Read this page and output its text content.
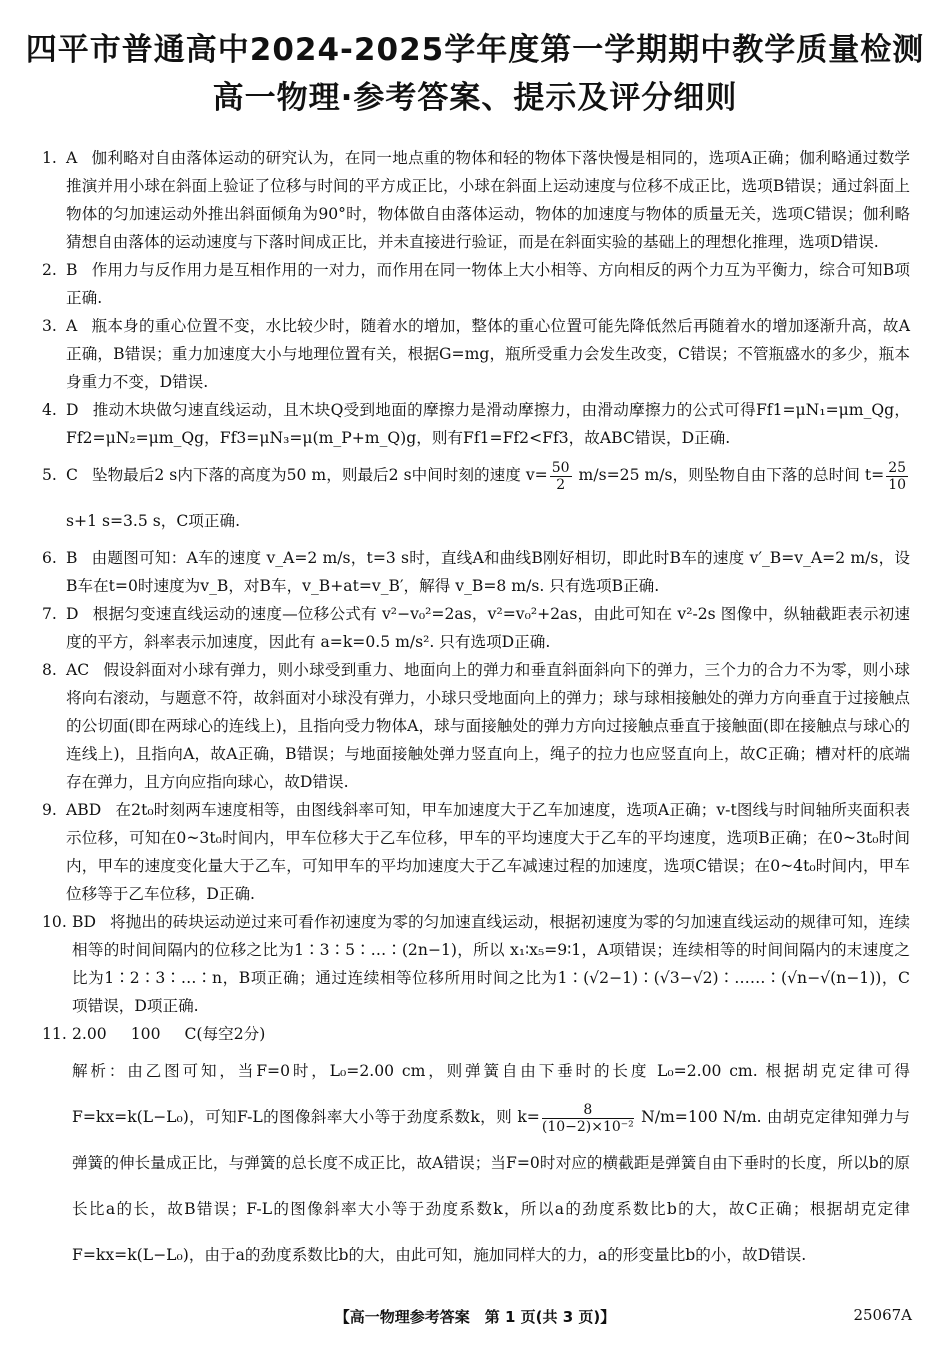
四平市普通高中2024-2025学年度第一学期期中教学质量检测
高一物理·参考答案、提示及评分细则
1. A 伽利略对自由落体运动的研究认为，在同一地点重的物体和轻的物体下落快慢是相同的，选项A正确；伽利略通过数学推演并用小球在斜面上验证了位移与时间的平方成正比，小球在斜面上运动速度与位移不成正比，选项B错误；通过斜面上物体的匀加速运动外推出斜面倾角为90°时，物体做自由落体运动，物体的加速度与物体的质量无关，选项C错误；伽利略猜想自由落体的运动速度与下落时间成正比，并未直接进行验证，而是在斜面实验的基础上的理想化推理，选项D错误.
2. B 作用力与反作用力是互相作用的一对力，而作用在同一物体上大小相等、方向相反的两个力互为平衡力，综合可知B项正确.
3. A 瓶本身的重心位置不变，水比较少时，随着水的增加，整体的重心位置可能先降低然后再随着水的增加逐渐升高，故A正确，B错误；重力加速度大小与地理位置有关，根据G=mg，瓶所受重力会发生改变，C错误；不管瓶盛水的多少，瓶本身重力不变，D错误.
4. D 推动木块做匀速直线运动，且木块Q受到地面的摩擦力是滑动摩擦力，由滑动摩擦力的公式可得Ff1=μN₁=μm_Qg，Ff2=μN₂=μm_Qg，Ff3=μN₃=μ(m_P+m_Q)g，则有Ff1=Ff2<Ff3，故ABC错误，D正确.
5. C 坠物最后2 s内下落的高度为50 m，则最后2 s中间时刻的速度 $v= \frac{50}{2} m/s=25$ m/s，则坠物自由下落的总时间 $t= \frac{25}{10}$
s+1 s=3.5 s，C项正确.
6. B 由题图可知：A车的速度 v_A=2 m/s，t=3 s时，直线A和曲线B刚好相切，即此时B车的速度 v′_B=v_A=2 m/s，设B车在t=0时速度为v_B，对B车，v_B+at=v_B′，解得 v_B=8 m/s. 只有选项B正确.
7. D 根据匀变速直线运动的速度—位移公式有 v²−v₀²=2as，v²=v₀²+2as，由此可知在 v²-2s 图像中，纵轴截距表示初速度的平方，斜率表示加速度，因此有 a=k=0.5 m/s². 只有选项D正确.
8. AC 假设斜面对小球有弹力，则小球受到重力、地面向上的弹力和垂直斜面斜向下的弹力，三个力的合力不为零，则小球将向右滚动，与题意不符，故斜面对小球没有弹力，小球只受地面向上的弹力；球与球相接触处的弹力方向垂直于过接触点的公切面(即在两球心的连线上)，且指向受力物体A，球与面接触处的弹力方向过接触点垂直于接触面(即在接触点与球心的连线上)，且指向A，故A正确，B错误；与地面接触处弹力竖直向上，绳子的拉力也应竖直向上，故C正确；槽对杆的底端存在弹力，且方向应指向球心，故D错误.
9. ABD 在2t₀时刻两车速度相等，由图线斜率可知，甲车加速度大于乙车加速度，选项A正确；v-t图线与时间轴所夹面积表示位移，可知在0~3t₀时间内，甲车位移大于乙车位移，甲车的平均速度大于乙车的平均速度，选项B正确；在0~3t₀时间内，甲车的速度变化量大于乙车，可知甲车的平均加速度大于乙车减速过程的加速度，选项C错误；在0~4t₀时间内，甲车位移等于乙车位移，D正确.
10. BD 将抛出的砖块运动逆过来可看作初速度为零的匀加速直线运动，根据初速度为零的匀加速直线运动的规律可知，连续相等的时间间隔内的位移之比为1∶3∶5∶…∶(2n−1)，所以 x₁∶x₅=9∶1，A项错误；连续相等的时间间隔内的末速度之比为1∶2∶3∶…∶n，B项正确；通过连续相等位移所用时间之比为1∶(√2−1)∶(√3−√2)∶……∶(√n−√(n−1))，C项错误，D项正确.
11. 2.00 100 C(每空2分)
解析：由乙图可知，当F=0时，L₀=2.00 cm，则弹簧自由下垂时的长度 L₀=2.00 cm. 根据胡克定律可得F=kx=k(L−L₀)，可知F-L的图像斜率大小等于劲度系数k，则 $k= \frac{8}{\text{(10−2)×10⁻²}} N/m=100$ N/m. 由胡克定律知弹力与弹簧的伸长量成正比，与弹簧的总长度不成正比，故A错误；当F=0时对应的横截距是弹簧自由下垂时的长度，所以b的原长比a的长，故B错误；F-L的图像斜率大小等于劲度系数k，所以a的劲度系数比b的大，故C正确；根据胡克定律F=kx=k(L−L₀)，由于a的劲度系数比b的大，由此可知，施加同样大的力，a的形变量比b的小，故D错误.
【高一物理参考答案　第 1 页(共 3 页)】	25067A
